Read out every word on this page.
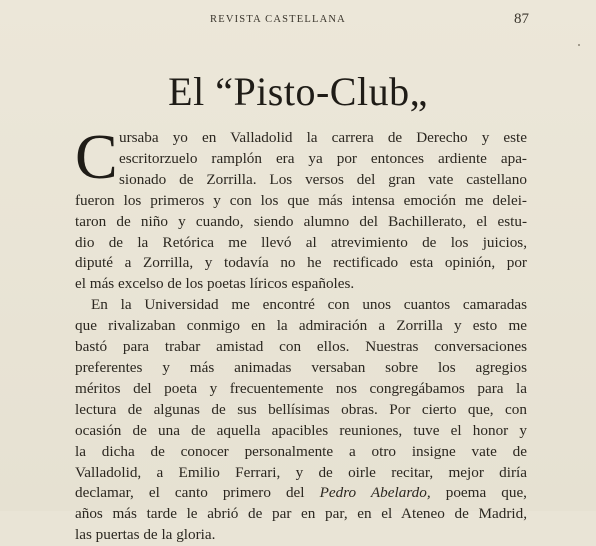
REVISTA CASTELLANA	87
El “Pisto-Club„
C ursaba yo en Valladolid la carrera de Derecho y este
escritorzuelo ramplón era ya por entonces ardiente apa-
sionado de Zorrilla. Los versos del gran vate castellano
fueron los primeros y con los que más intensa emoción me delei-
taron de niño y cuando, siendo alumno del Bachillerato, el estu-
dio de la Retórica me llevó al atrevimiento de los juicios,
diputé a Zorrilla, y todavía no he rectificado esta opinión, por
el más excelso de los poetas líricos españoles.
En la Universidad me encontré con unos cuantos camaradas
que rivalizaban conmigo en la admiración a Zorrilla y esto me
bastó para trabar amistad con ellos. Nuestras conversaciones
preferentes y más animadas versaban sobre los agregios
méritos del poeta y frecuentemente nos congregábamos para la
lectura de algunas de sus bellísimas obras. Por cierto que, con
ocasión de una de aquella apacibles reuniones, tuve el honor y
la dicha de conocer personalmente a otro insigne vate de
Valladolid, a Emilio Ferrari, y de oirle recitar, mejor diría
declamar, el canto primero del Pedro Abelardo, poema que,
años más tarde le abrió de par en par, en el Ateneo de Madrid,
las puertas de la gloria.
